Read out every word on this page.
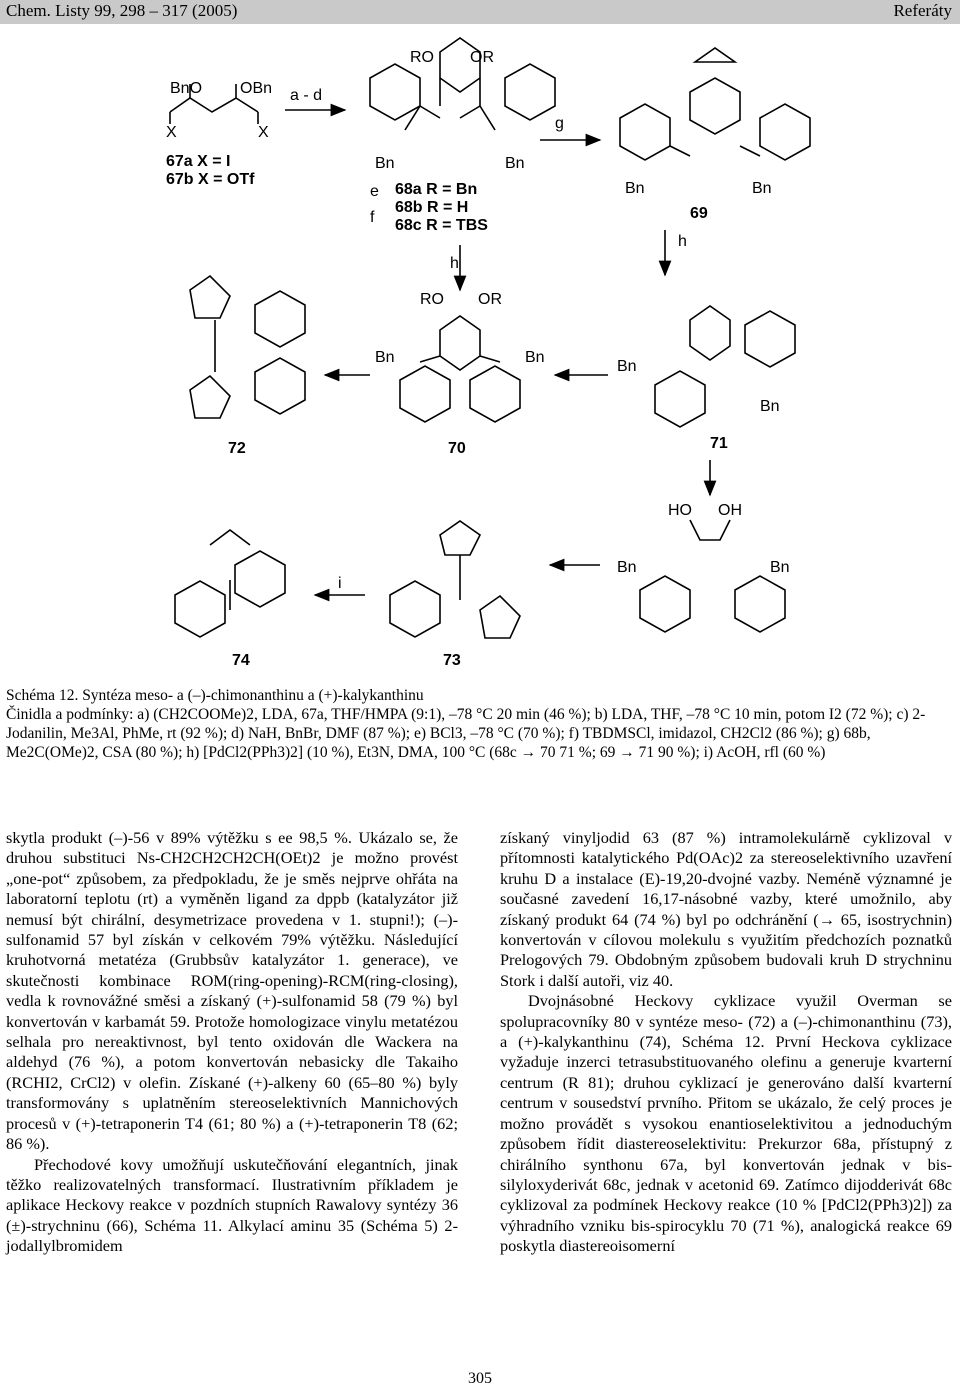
Chem. Listy 99, 298 – 317 (2005)	Referáty
BnO OBn
X	X
67a X = I
67b X = OTf
a - d
RO OR
Bn	Bn
e
f
68a R = Bn
68b R = H
68c R = TBS
h
g
Bn	Bn
69
h
RO OR
Bn	Bn
70
Bn
Bn
71
72
i
74	73
HO OH
Bn	Bn
Schéma 12. Syntéza meso- a (–)-chimonanthinu a (+)-kalykanthinu
Činidla a podmínky: a) (CH2COOMe)2, LDA, 67a, THF/HMPA (9:1), –78 °C 20 min (46 %); b) LDA, THF, –78 °C 10 min, potom I2 (72 %); c) 2-Jodanilin, Me3Al, PhMe, rt (92 %); d) NaH, BnBr, DMF (87 %); e) BCl3, –78 °C (70 %); f) TBDMSCl, imidazol, CH2Cl2 (86 %); g) 68b, Me2C(OMe)2, CSA (80 %); h) [PdCl2(PPh3)2] (10 %), Et3N, DMA, 100 °C (68c → 70 71 %; 69 → 71 90 %); i) AcOH, rfl (60 %)

skytla produkt (–)-56 v 89% výtěžku s ee 98,5 %. Ukázalo se, že druhou substituci Ns-CH2CH2CH2CH(OEt)2 je možno provést „one-pot“ způsobem, za předpokladu, že je směs nejprve ohřáta na laboratorní teplotu (rt) a vyměněn ligand za dppb (katalyzátor již nemusí být chirální, desymetrizace provedena v 1. stupni!); (–)-sulfonamid 57 byl získán v celkovém 79% výtěžku. Následující kruhotvorná metatéza (Grubbsův katalyzátor 1. generace), ve skutečnosti kombinace ROM(ring-opening)-RCM(ring-closing), vedla k rovnovážné směsi a získaný (+)-sulfonamid 58 (79 %) byl konvertován v karbamát 59. Protože homologizace vinylu metatézou selhala pro nereaktivnost, byl tento oxidován dle Wackera na aldehyd (76 %), a potom konvertován nebasicky dle Takaiho (RCHI2, CrCl2) v olefin. Získané (+)-alkeny 60 (65–80 %) byly transformovány s uplatněním stereoselektivních Mannichových procesů v (+)-tetraponerin T4 (61; 80 %) a (+)-tetraponerin T8 (62; 86 %).

Přechodové kovy umožňují uskutečňování elegantních, jinak těžko realizovatelných transformací. Ilustrativním příkladem je aplikace Heckovy reakce v pozdních stupních Rawalovy syntézy 36 (±)-strychninu (66), Schéma 11. Alkylací aminu 35 (Schéma 5) 2-jodallylbromidem

získaný vinyljodid 63 (87 %) intramolekulárně cyklizoval v přítomnosti katalytického Pd(OAc)2 za stereoselektivního uzavření kruhu D a instalace (E)-19,20-dvojné vazby. Neméně významné je současné zavedení 16,17-násobné vazby, které umožnilo, aby získaný produkt 64 (74 %) byl po odchránění (→ 65, isostrychnin) konvertován v cílovou molekulu s využitím předchozích poznatků Prelogových 79. Obdobným způsobem budovali kruh D strychninu Stork i další autoři, viz 40.

Dvojnásobné Heckovy cyklizace využil Overman se spolupracovníky 80 v syntéze meso- (72) a (–)-chimonanthinu (73), a (+)-kalykanthinu (74), Schéma 12. První Heckova cyklizace vyžaduje inzerci tetrasubstituovaného olefinu a generuje kvarterní centrum (R 81); druhou cyklizací je generováno další kvarterní centrum v sousedství prvního. Přitom se ukázalo, že celý proces je možno provádět s vysokou enantioselektivitou a jednoduchým způsobem řídit diastereoselektivitu: Prekurzor 68a, přístupný z chirálního synthonu 67a, byl konvertován jednak v bis-silyloxyderivát 68c, jednak v acetonid 69. Zatímco dijodderivát 68c cyklizoval za podmínek Heckovy reakce (10 % [PdCl2(PPh3)2]) za výhradního vzniku bis-spirocyklu 70 (71 %), analogická reakce 69 poskytla diastereoisomerní

305
